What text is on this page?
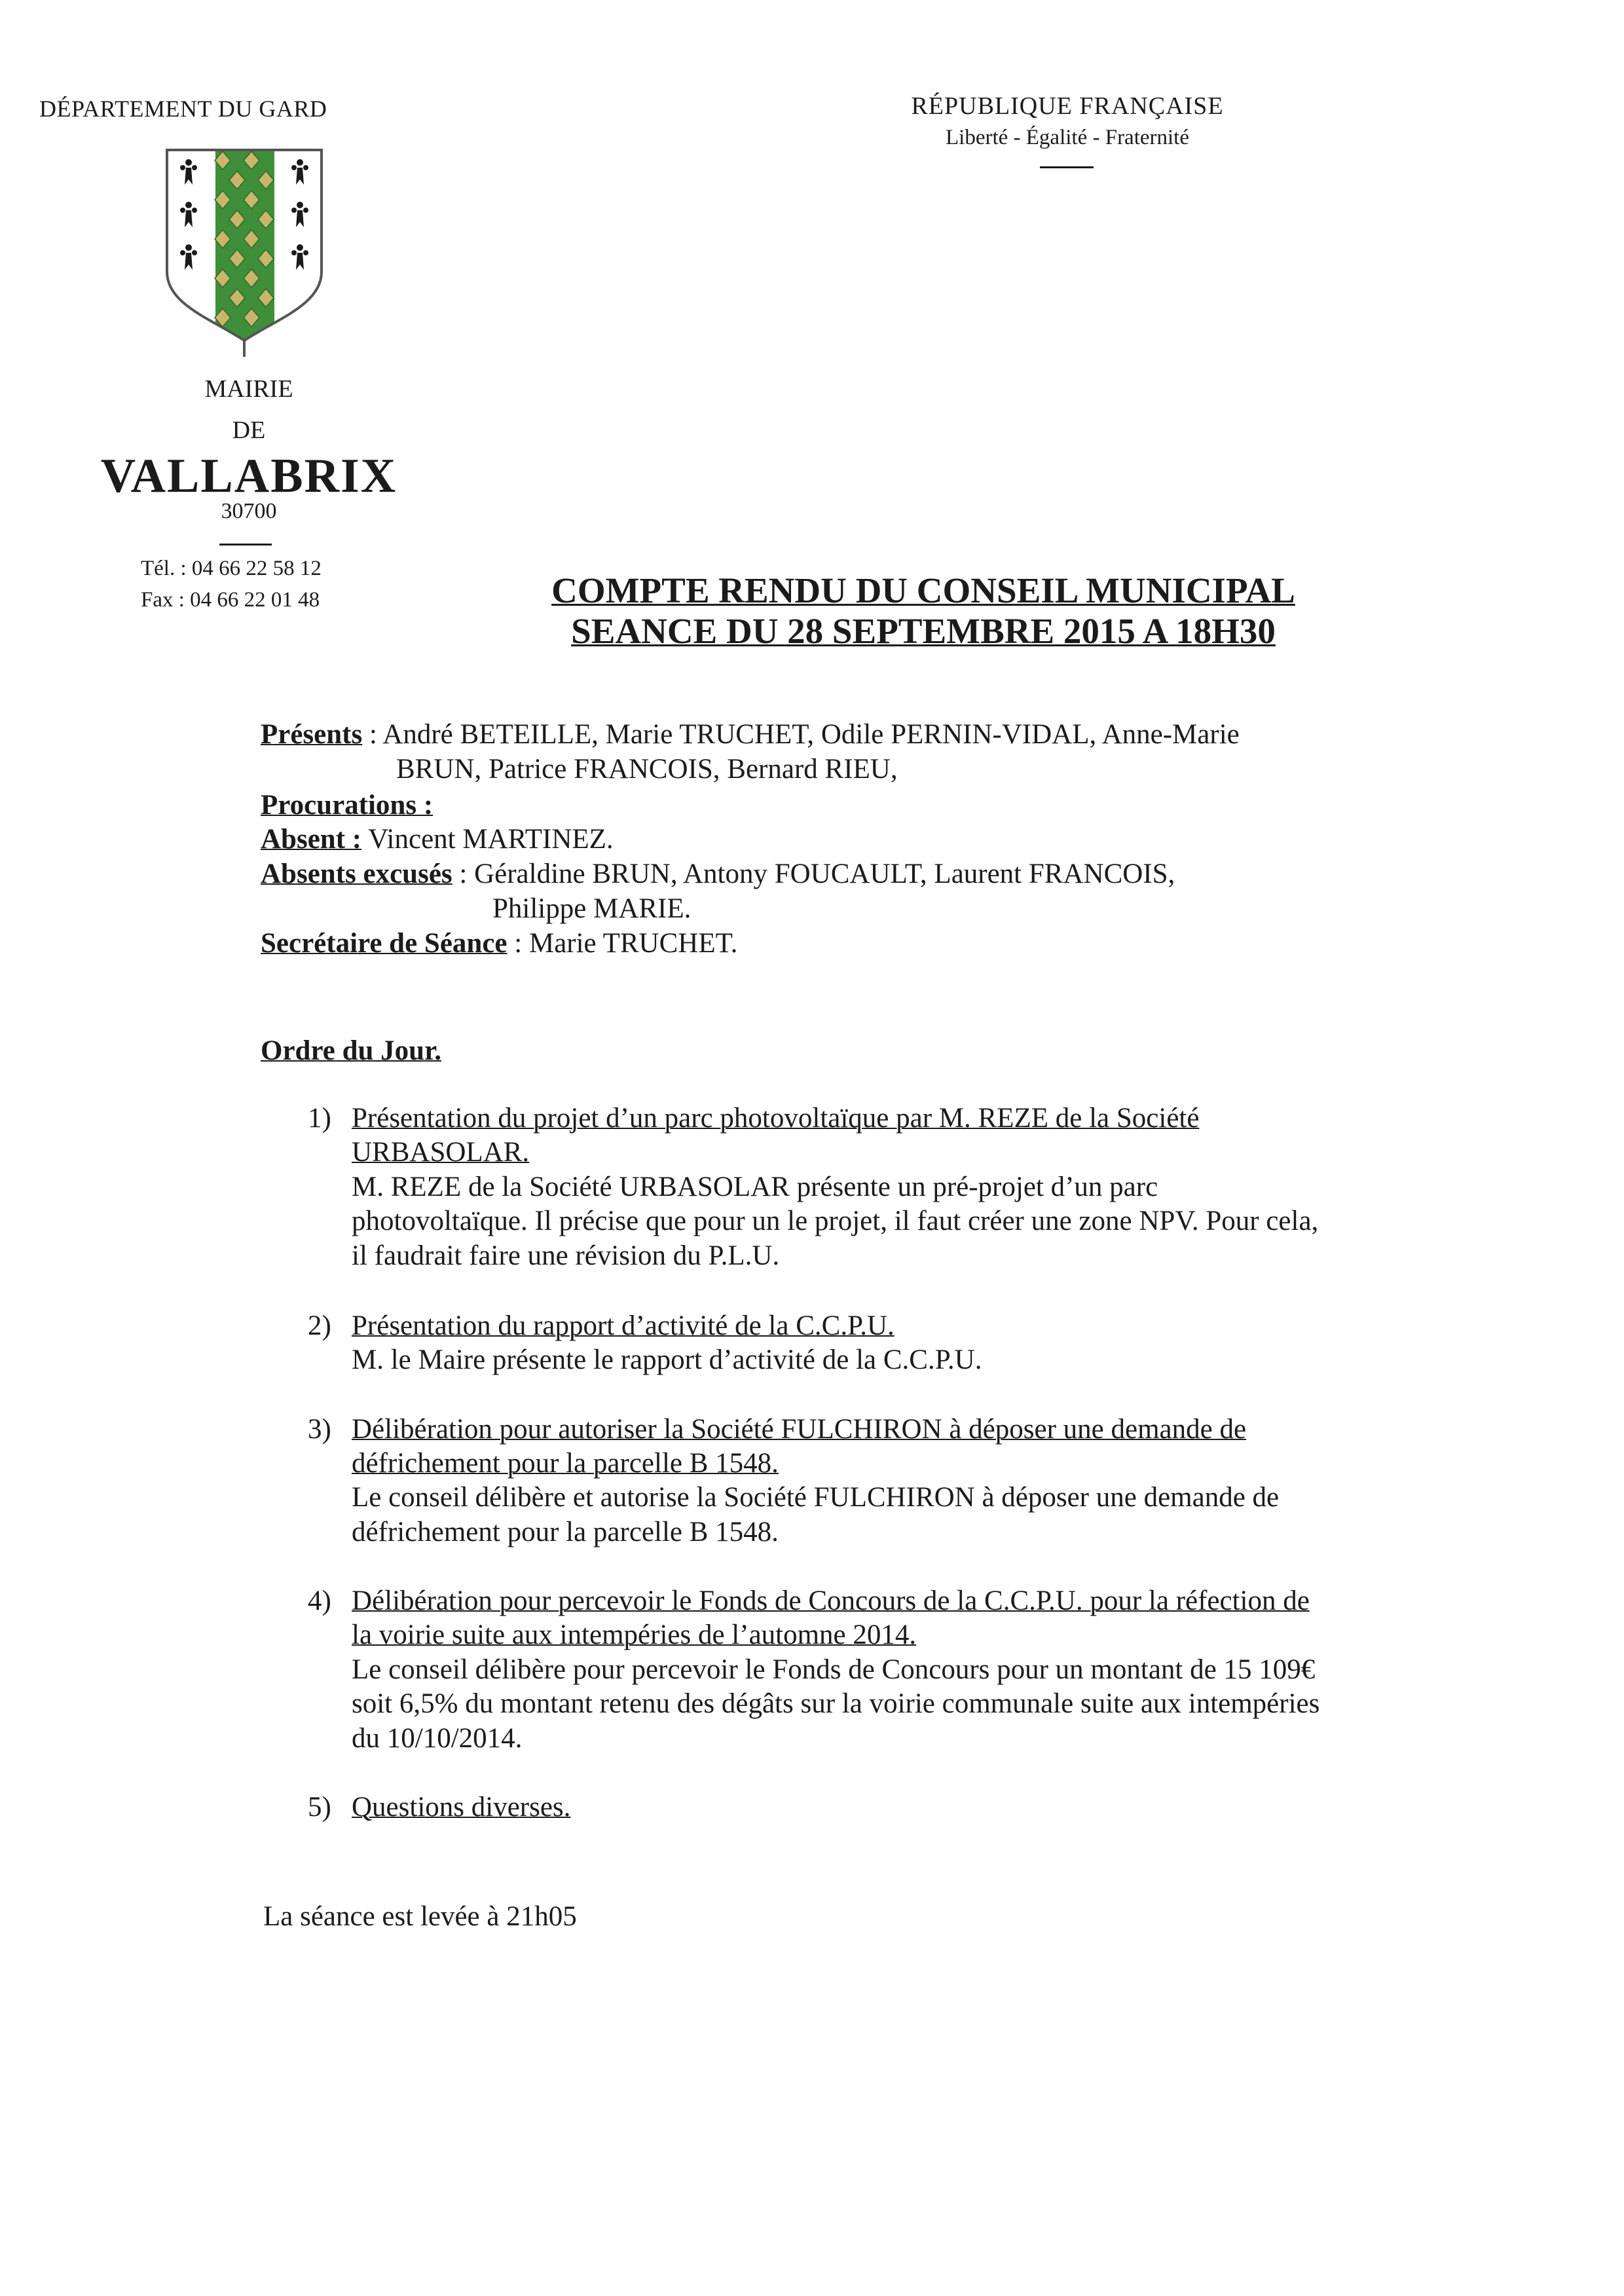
DÉPARTEMENT DU GARD	RÉPUBLIQUE FRANÇAISE
Liberté - Égalité - Fraternité
MAIRIE
DE
VALLABRIX
30700
Tél. : 04 66 22 58 12
Fax : 04 66 22 01 48	COMPTE RENDU DU CONSEIL MUNICIPAL
SEANCE DU 28 SEPTEMBRE 2015 A 18H30
Présents : André BETEILLE, Marie TRUCHET, Odile PERNIN-VIDAL, Anne-Marie
BRUN, Patrice FRANCOIS, Bernard RIEU,
Procurations :
Absent : Vincent MARTINEZ.
Absents excusés : Géraldine BRUN, Antony FOUCAULT, Laurent FRANCOIS,
Philippe MARIE.
Secrétaire de Séance : Marie TRUCHET.
Ordre du Jour.
1) Présentation du projet d’un parc photovoltaïque par M. REZE de la Société
URBASOLAR.
M. REZE de la Société URBASOLAR présente un pré-projet d’un parc
photovoltaïque. Il précise que pour un le projet, il faut créer une zone NPV. Pour cela,
il faudrait faire une révision du P.L.U.
2) Présentation du rapport d’activité de la C.C.P.U.
M. le Maire présente le rapport d’activité de la C.C.P.U.
3) Délibération pour autoriser la Société FULCHIRON à déposer une demande de
défrichement pour la parcelle B 1548.
Le conseil délibère et autorise la Société FULCHIRON à déposer une demande de
défrichement pour la parcelle B 1548.
4) Délibération pour percevoir le Fonds de Concours de la C.C.P.U. pour la réfection de
la voirie suite aux intempéries de l’automne 2014.
Le conseil délibère pour percevoir le Fonds de Concours pour un montant de 15 109€
soit 6,5% du montant retenu des dégâts sur la voirie communale suite aux intempéries
du 10/10/2014.
5) Questions diverses.
La séance est levée à 21h05
